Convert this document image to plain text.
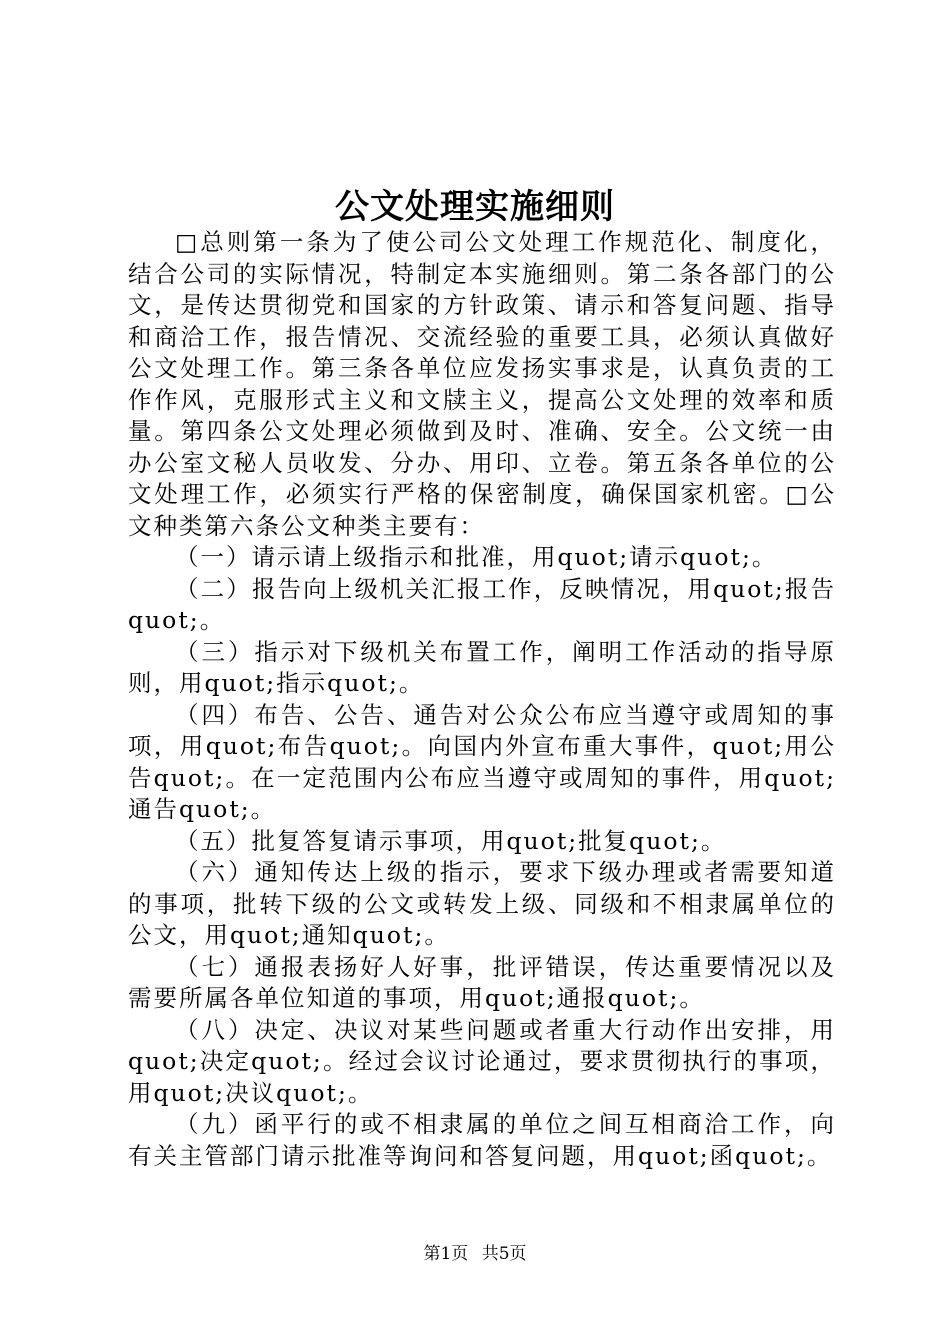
公文处理实施细则

□总则第一条为了使公司公文处理工作规范化、制度化，结合公司的实际情况，特制定本实施细则。第二条各部门的公文，是传达贯彻党和国家的方针政策、请示和答复问题、指导和商洽工作，报告情况、交流经验的重要工具，必须认真做好公文处理工作。第三条各单位应发扬实事求是，认真负责的工作作风，克服形式主义和文牍主义，提高公文处理的效率和质量。第四条公文处理必须做到及时、准确、安全。公文统一由办公室文秘人员收发、分办、用印、立卷。第五条各单位的公文处理工作，必须实行严格的保密制度，确保国家机密。□公文种类第六条公文种类主要有：

（一）请示请上级指示和批准，用quot;请示quot;。

（二）报告向上级机关汇报工作，反映情况，用quot;报告quot;。

（三）指示对下级机关布置工作，阐明工作活动的指导原则，用quot;指示quot;。

（四）布告、公告、通告对公众公布应当遵守或周知的事项，用quot;布告quot;。向国内外宣布重大事件，quot;用公告quot;。在一定范围内公布应当遵守或周知的事件，用quot;通告quot;。

（五）批复答复请示事项，用quot;批复quot;。

（六）通知传达上级的指示，要求下级办理或者需要知道的事项，批转下级的公文或转发上级、同级和不相隶属单位的公文，用quot;通知quot;。

（七）通报表扬好人好事，批评错误，传达重要情况以及需要所属各单位知道的事项，用quot;通报quot;。

（八）决定、决议对某些问题或者重大行动作出安排，用quot;决定quot;。经过会议讨论通过，要求贯彻执行的事项，用quot;决议quot;。

（九）函平行的或不相隶属的单位之间互相商洽工作，向有关主管部门请示批准等询问和答复问题，用quot;函quot;。

第1页 共5页
